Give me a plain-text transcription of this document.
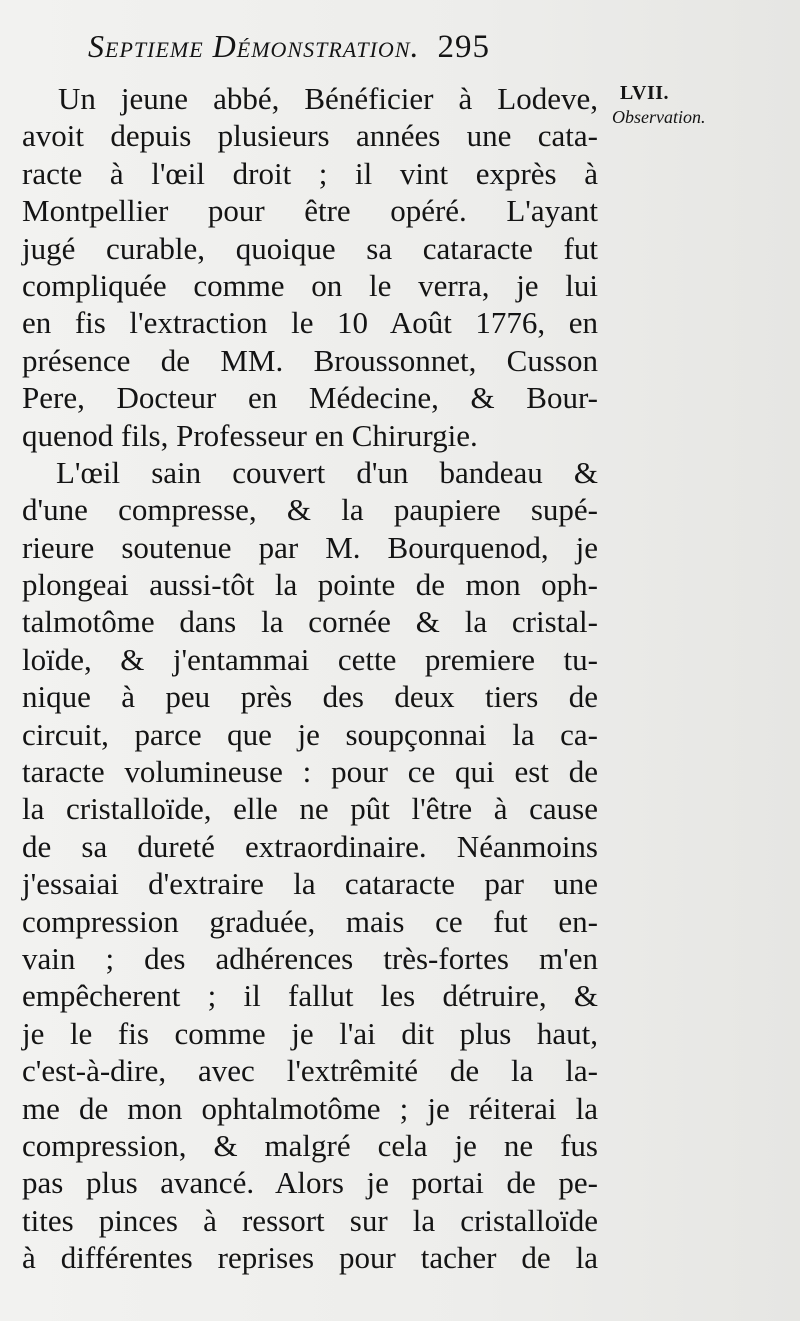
Septieme Démonstration. 295
LVII.
Observation.
Un jeune abbé, Bénéficier à Lodeve,
avoit depuis plusieurs années une cata-
racte à l'œil droit ; il vint exprès à
Montpellier pour être opéré. L'ayant
jugé curable, quoique sa cataracte fut
compliquée comme on le verra, je lui
en fis l'extraction le 10 Août 1776, en
présence de MM. Broussonnet, Cusson
Pere, Docteur en Médecine, & Bour-
quenod fils, Professeur en Chirurgie.
L'œil sain couvert d'un bandeau &
d'une compresse, & la paupiere supé-
rieure soutenue par M. Bourquenod, je
plongeai aussi-tôt la pointe de mon oph-
talmotôme dans la cornée & la cristal-
loïde, & j'entammai cette premiere tu-
nique à peu près des deux tiers de
circuit, parce que je soupçonnai la ca-
taracte volumineuse : pour ce qui est de
la cristalloïde, elle ne pût l'être à cause
de sa dureté extraordinaire. Néanmoins
j'essaiai d'extraire la cataracte par une
compression graduée, mais ce fut en-
vain ; des adhérences très-fortes m'en
empêcherent ; il fallut les détruire, &
je le fis comme je l'ai dit plus haut,
c'est-à-dire, avec l'extrêmité de la la-
me de mon ophtalmotôme ; je réiterai la
compression, & malgré cela je ne fus
pas plus avancé. Alors je portai de pe-
tites pinces à ressort sur la cristalloïde
à différentes reprises pour tacher de la
